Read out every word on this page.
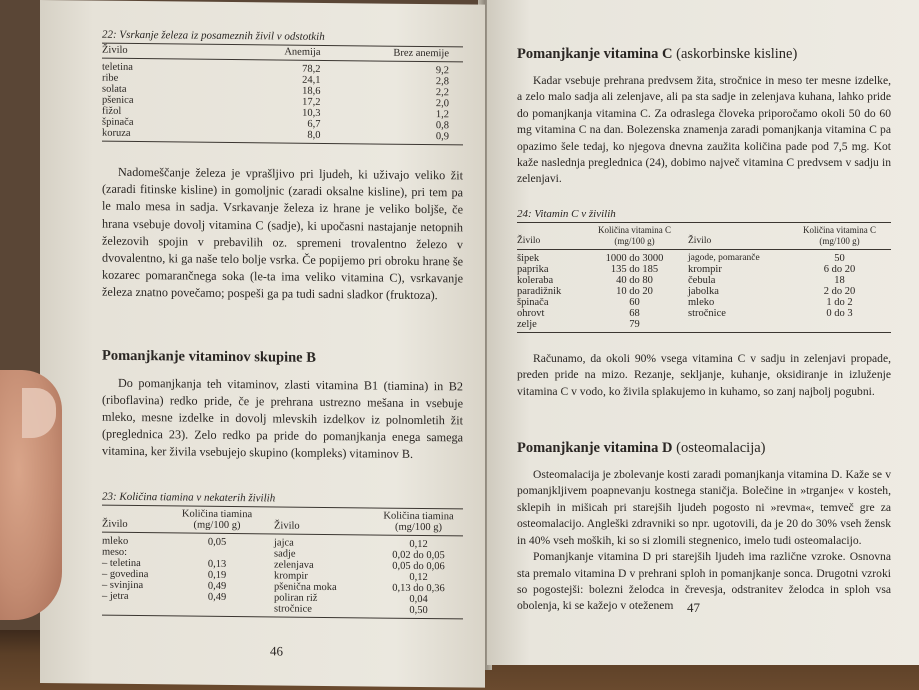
22: Vsrkanje železa iz posameznih živil v odstotkih
Živilo	Anemija	Brez anemije

teletina	78,2	9,2
ribe	24,1	2,8
solata	18,6	2,2
pšenica	17,2	2,0
fižol	10,3	1,2
špinača	6,7	0,8
koruza	8,0	0,9

Nadomeščanje železa je vprašljivo pri ljudeh, ki uživajo veliko žit (zaradi fitinske kisline) in gomoljnic (zaradi oksalne kisline), pri tem pa le malo mesa in sadja. Vsrkavanje železa iz hrane je veliko boljše, če hrana vsebuje dovolj vitamina C (sadje), ki upočasni nastajanje netopnih železovih spojin v prebavilih oz. spremeni trovalentno železo v dvovalentno, ki ga naše telo bolje vsrka. Če popijemo pri obroku hrane še kozarec pomarančnega soka (le-ta ima veliko vitamina C), vsrkavanje železa znatno povečamo; pospeši ga pa tudi sadni sladkor (fruktoza).

Pomanjkanje vitaminov skupine B

Do pomanjkanja teh vitaminov, zlasti vitamina B1 (tiamina) in B2 (riboflavina) redko pride, če je prehrana ustrezno mešana in vsebuje mleko, mesne izdelke in dovolj mlevskih izdelkov iz polnomletih žit (preglednica 23). Zelo redko pa pride do pomanjkanja enega samega vitamina, ker živila vsebujejo skupino (kompleks) vitaminov B.

23: Količina tiamina v nekaterih živilih
Živilo	Količina tiamina (mg/100 g)	Živilo	Količina tiamina (mg/100 g)

mleko	0,05	jajca	0,12
meso:		sadje	0,02 do 0,05
– teletina	0,13	zelenjava	0,05 do 0,06
– govedina	0,19	krompir	0,12
– svinjina	0,49	pšenična moka	0,13 do 0,36
– jetra	0,49	poliran riž	0,04
		stročnice	0,50
46
Pomanjkanje vitamina C (askorbinske kisline)

Kadar vsebuje prehrana predvsem žita, stročnice in meso ter mesne izdelke, a zelo malo sadja ali zelenjave, ali pa sta sadje in zelenjava kuhana, lahko pride do pomanjkanja vitamina C. Za odraslega človeka priporočamo okoli 50 do 60 mg vitamina C na dan. Bolezenska znamenja zaradi pomanjkanja vitamina C pa opazimo šele tedaj, ko njegova dnevna zaužita količina pade pod 7,5 mg. Kot kaže naslednja preglednica (24), dobimo največ vitamina C predvsem v sadju in zelenjavi.

24: Vitamin C v živilih
Živilo	Količina vitamina C (mg/100 g)	Živilo	Količina vitamina C (mg/100 g)

šipek	1000 do 3000	jagode, pomaranče	50
paprika	135 do 185	krompir	6 do 20
koleraba	40 do 80	čebula	18
paradižnik	10 do 20	jabolka	2 do 20
špinača	60	mleko	1 do 2
ohrovt	68	stročnice	0 do 3
zelje	79		

Računamo, da okoli 90% vsega vitamina C v sadju in zelenjavi propade, preden pride na mizo. Rezanje, sekljanje, kuhanje, oksidiranje in izluženje vitamina C v vodo, ko živila splakujemo in kuhamo, so zanj najbolj pogubni.

Pomanjkanje vitamina D (osteomalacija)

Osteomalacija je zbolevanje kosti zaradi pomanjkanja vitamina D. Kaže se v pomanjkljivem poapnevanju kostnega staničja. Bolečine in »trganje« v kosteh, sklepih in mišicah pri starejših ljudeh pogosto ni »revma«, temveč gre za osteomalacijo. Angleški zdravniki so npr. ugotovili, da je 20 do 30% vseh žensk in 40% vseh moških, ki so si zlomili stegnenico, imelo tudi osteomalacijo.

Pomanjkanje vitamina D pri starejših ljudeh ima različne vzroke. Osnovna sta premalo vitamina D v prehrani sploh in pomanjkanje sonca. Drugotni vzroki so pogostejši: bolezni želodca in črevesja, odstranitev želodca in sploh vsa obolenja, ki se kažejo v oteženem	47
